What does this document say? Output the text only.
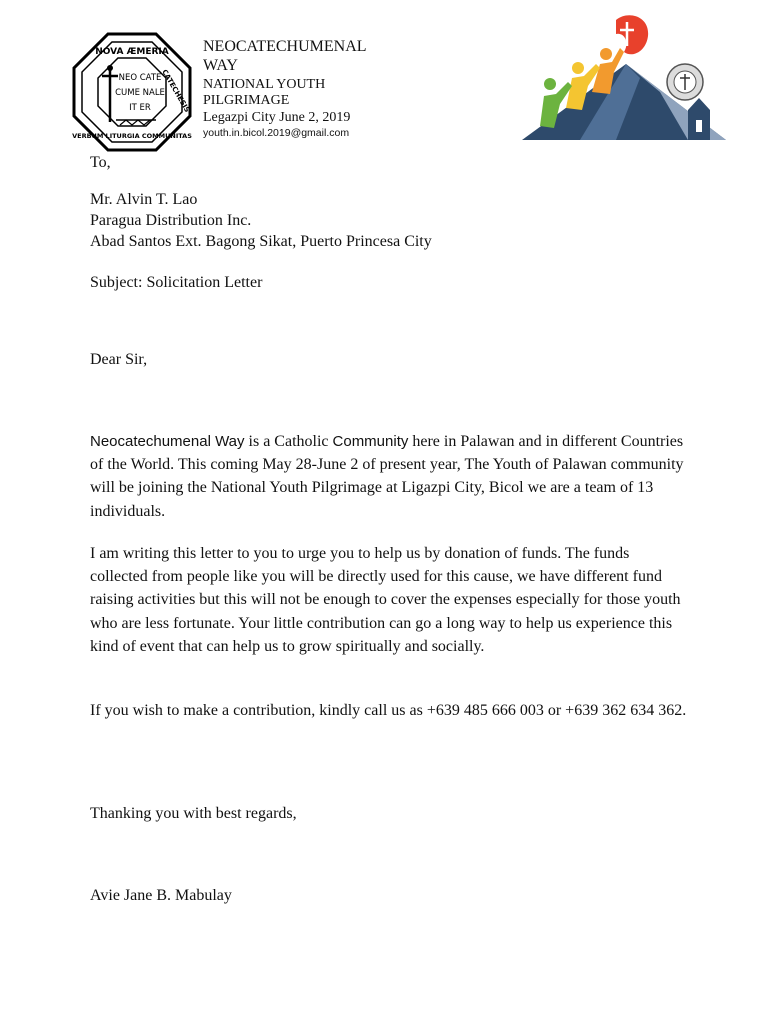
NOVA ÆMERIA
CATECHESIS
VERBUM LITURGIA COMMUNITAS
NEO CATE
CUME NALE
IT ER
NEOCATECHUMENAL
WAY
NATIONAL YOUTH
PILGRIMAGE
Legazpi City June 2, 2019
youth.in.bicol.2019@gmail.com
To,
Mr. Alvin T. Lao
Paragua Distribution Inc.
Abad Santos Ext. Bagong Sikat, Puerto Princesa City
Subject: Solicitation Letter
Dear Sir,
Neocatechumenal Way is a Catholic Community here in Palawan and in different Countries of the World. This coming May 28-June 2 of present year, The Youth of Palawan community will be joining the National Youth Pilgrimage at Ligazpi City, Bicol we are a team of 13 individuals.
I am writing this letter to you to urge you to help us by donation of funds. The funds collected from people like you will be directly used for this cause, we have different fund raising activities but this will not be enough to cover the expenses especially for those youth who are less fortunate. Your little contribution can go a long way to help us experience this kind of event that can help us to grow spiritually and socially.
If you wish to make a contribution, kindly call us as +639 485 666 003 or +639 362 634 362.
Thanking you with best regards,
Avie Jane B. Mabulay
